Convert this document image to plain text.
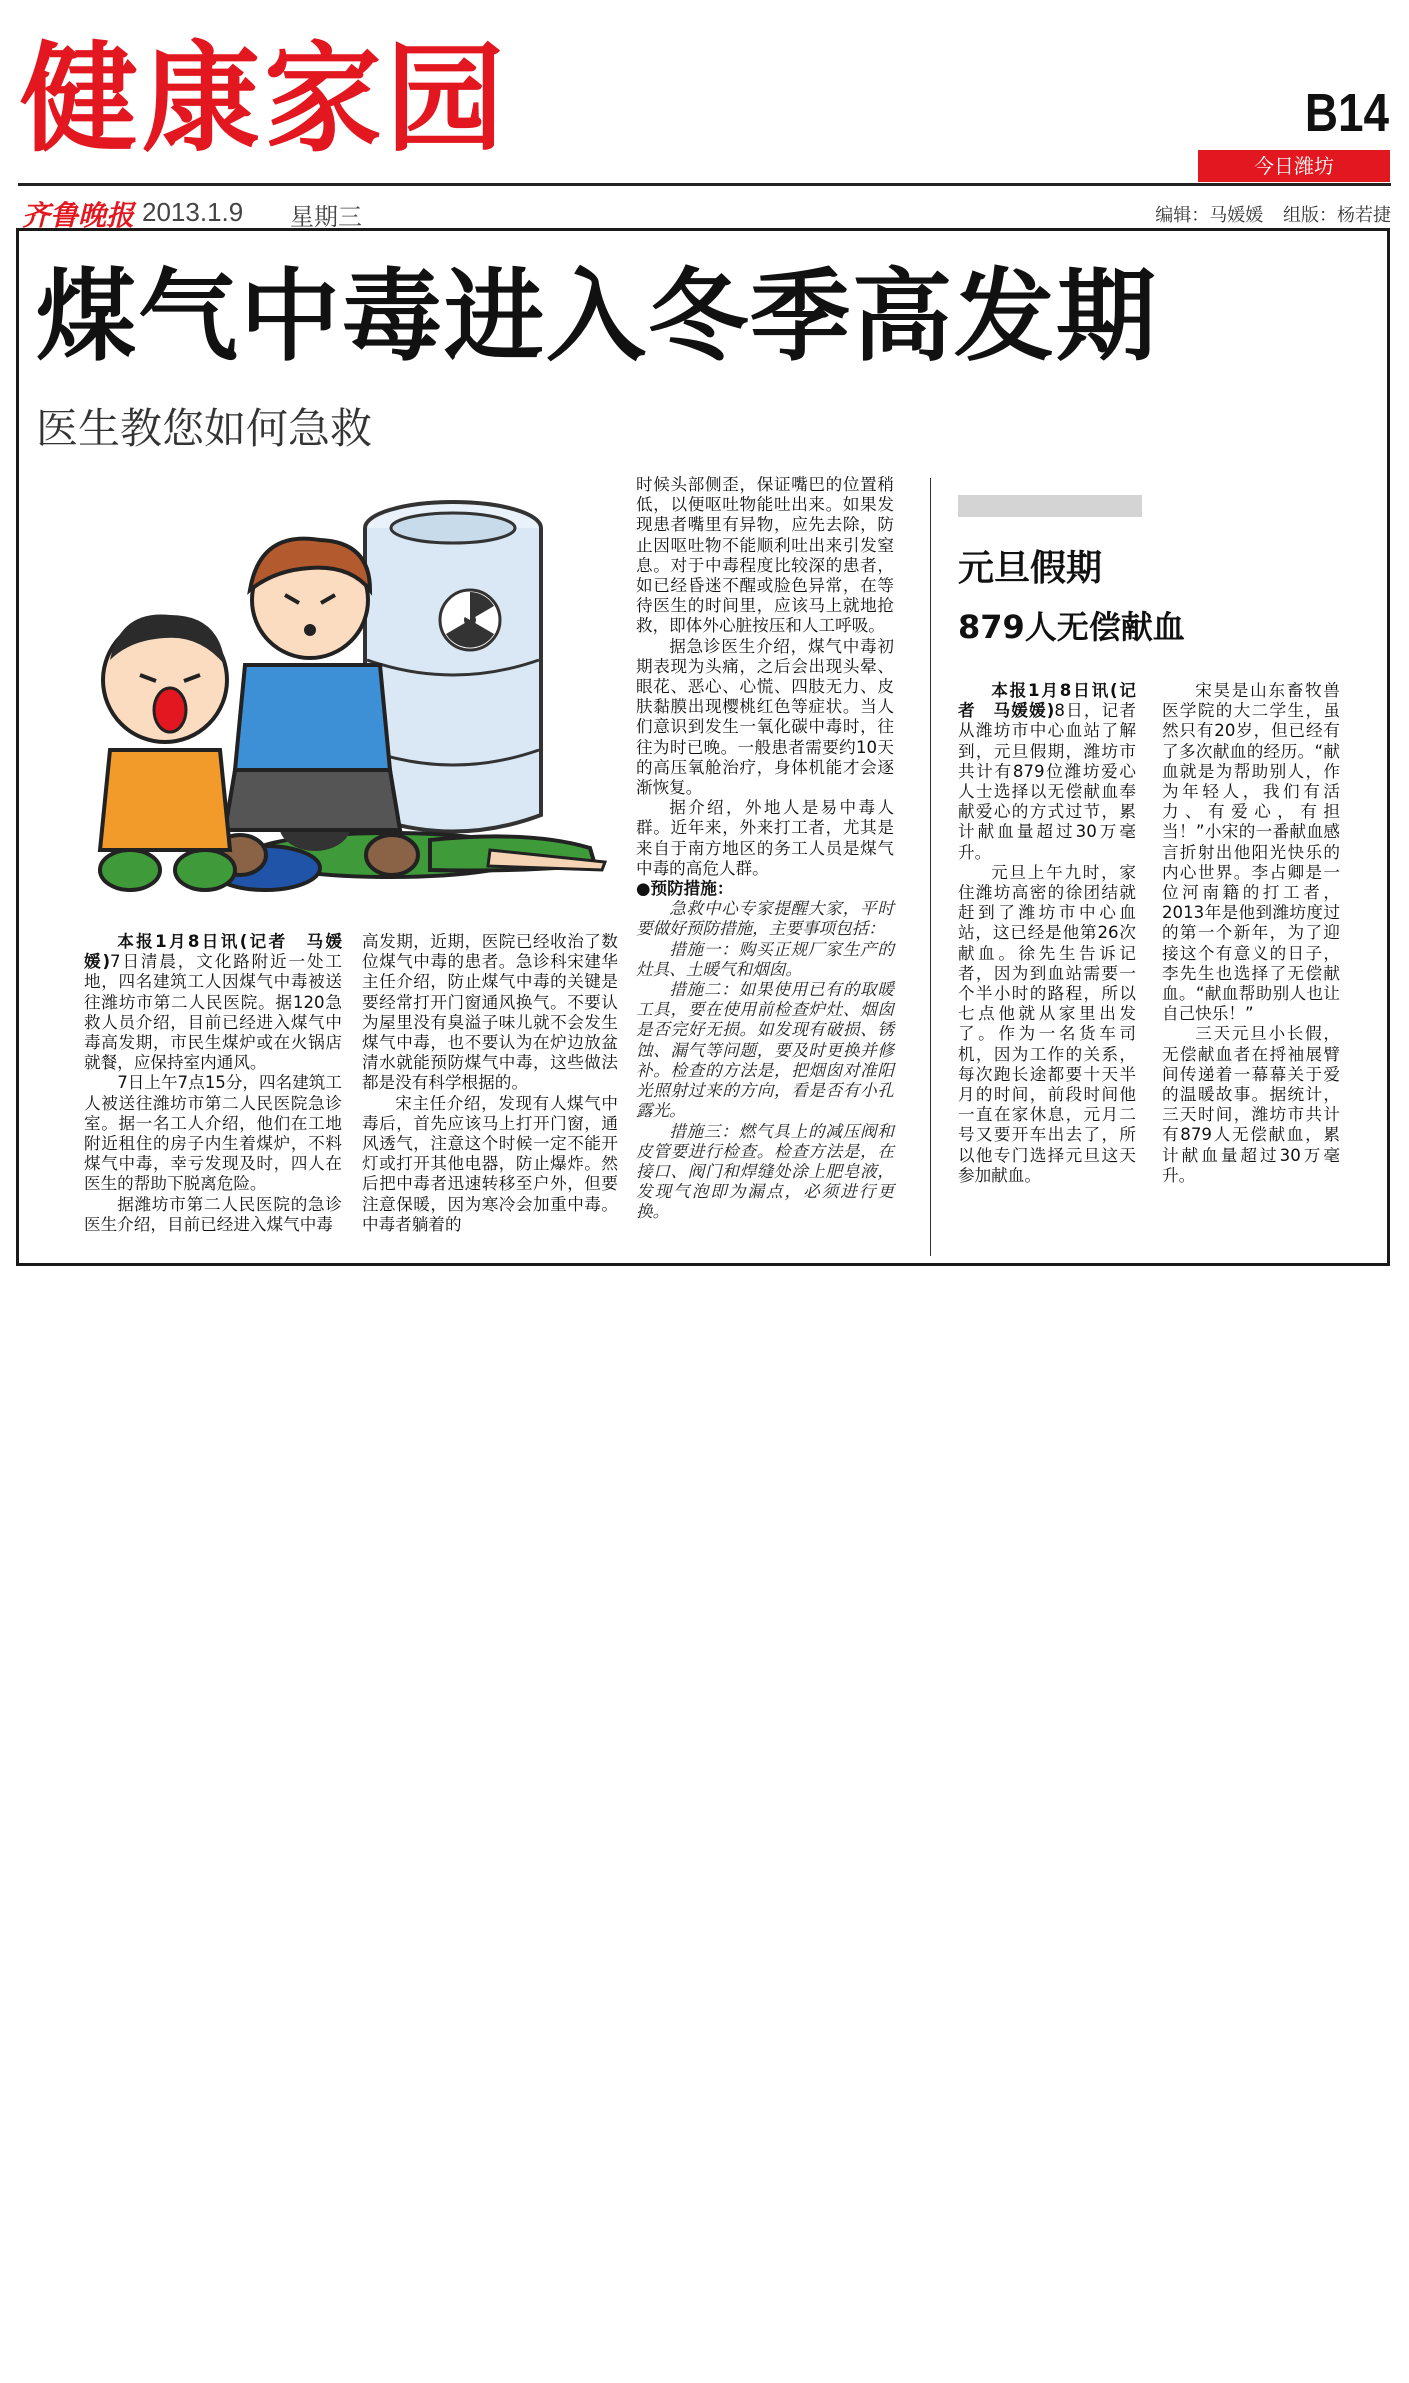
健康家园	B14
今日潍坊
齐鲁晚报 2013.1.9 星期三	编辑：马媛媛 组版：杨若捷
煤气中毒进入冬季高发期
医生教您如何急救

本报1月8日讯(记者　马媛媛)7日清晨，文化路附近一处工地，四名建筑工人因煤气中毒被送往潍坊市第二人民医院。据120急救人员介绍，目前已经进入煤气中毒高发期，市民生煤炉或在火锅店就餐，应保持室内通风。

7日上午7点15分，四名建筑工人被送往潍坊市第二人民医院急诊室。据一名工人介绍，他们在工地附近租住的房子内生着煤炉，不料煤气中毒，幸亏发现及时，四人在医生的帮助下脱离危险。

据潍坊市第二人民医院的急诊医生介绍，目前已经进入煤气中毒

高发期，近期，医院已经收治了数位煤气中毒的患者。急诊科宋建华主任介绍，防止煤气中毒的关键是要经常打开门窗通风换气。不要认为屋里没有臭溢子味儿就不会发生煤气中毒，也不要认为在炉边放盆清水就能预防煤气中毒，这些做法都是没有科学根据的。

宋主任介绍，发现有人煤气中毒后，首先应该马上打开门窗，通风透气，注意这个时候一定不能开灯或打开其他电器，防止爆炸。然后把中毒者迅速转移至户外，但要注意保暖，因为寒冷会加重中毒。中毒者躺着的

时候头部侧歪，保证嘴巴的位置稍低，以便呕吐物能吐出来。如果发现患者嘴里有异物，应先去除，防止因呕吐物不能顺利吐出来引发窒息。对于中毒程度比较深的患者，如已经昏迷不醒或脸色异常，在等待医生的时间里，应该马上就地抢救，即体外心脏按压和人工呼吸。

据急诊医生介绍，煤气中毒初期表现为头痛，之后会出现头晕、眼花、恶心、心慌、四肢无力、皮肤黏膜出现樱桃红色等症状。当人们意识到发生一氧化碳中毒时，往往为时已晚。一般患者需要约10天的高压氧舱治疗，身体机能才会逐渐恢复。

据介绍，外地人是易中毒人群。近年来，外来打工者，尤其是来自于南方地区的务工人员是煤气中毒的高危人群。

●预防措施：

急救中心专家提醒大家，平时要做好预防措施，主要事项包括：

措施一：购买正规厂家生产的灶具、土暖气和烟囱。

措施二：如果使用已有的取暖工具，要在使用前检查炉灶、烟囱是否完好无损。如发现有破损、锈蚀、漏气等问题，要及时更换并修补。检查的方法是，把烟囱对准阳光照射过来的方向，看是否有小孔露光。

措施三：燃气具上的减压阀和皮管要进行检查。检查方法是，在接口、阀门和焊缝处涂上肥皂液，发现气泡即为漏点，必须进行更换。

元旦假期
879人无偿献血

本报1月8日讯(记者　马媛媛)8日，记者从潍坊市中心血站了解到，元旦假期，潍坊市共计有879位潍坊爱心人士选择以无偿献血奉献爱心的方式过节，累计献血量超过30万毫升。

元旦上午九时，家住潍坊高密的徐团结就赶到了潍坊市中心血站，这已经是他第26次献血。徐先生告诉记者，因为到血站需要一个半小时的路程，所以七点他就从家里出发了。作为一名货车司机，因为工作的关系，每次跑长途都要十天半月的时间，前段时间他一直在家休息，元月二号又要开车出去了，所以他专门选择元旦这天参加献血。

宋昊是山东畜牧兽医学院的大二学生，虽然只有20岁，但已经有了多次献血的经历。“献血就是为帮助别人，作为年轻人，我们有活力、有爱心，有担当！”小宋的一番献血感言折射出他阳光快乐的内心世界。李占卿是一位河南籍的打工者，2013年是他到潍坊度过的第一个新年，为了迎接这个有意义的日子，李先生也选择了无偿献血。“献血帮助别人也让自己快乐！”

三天元旦小长假，无偿献血者在捋袖展臂间传递着一幕幕关于爱的温暖故事。据统计，三天时间，潍坊市共计有879人无偿献血，累计献血量超过30万毫升。
